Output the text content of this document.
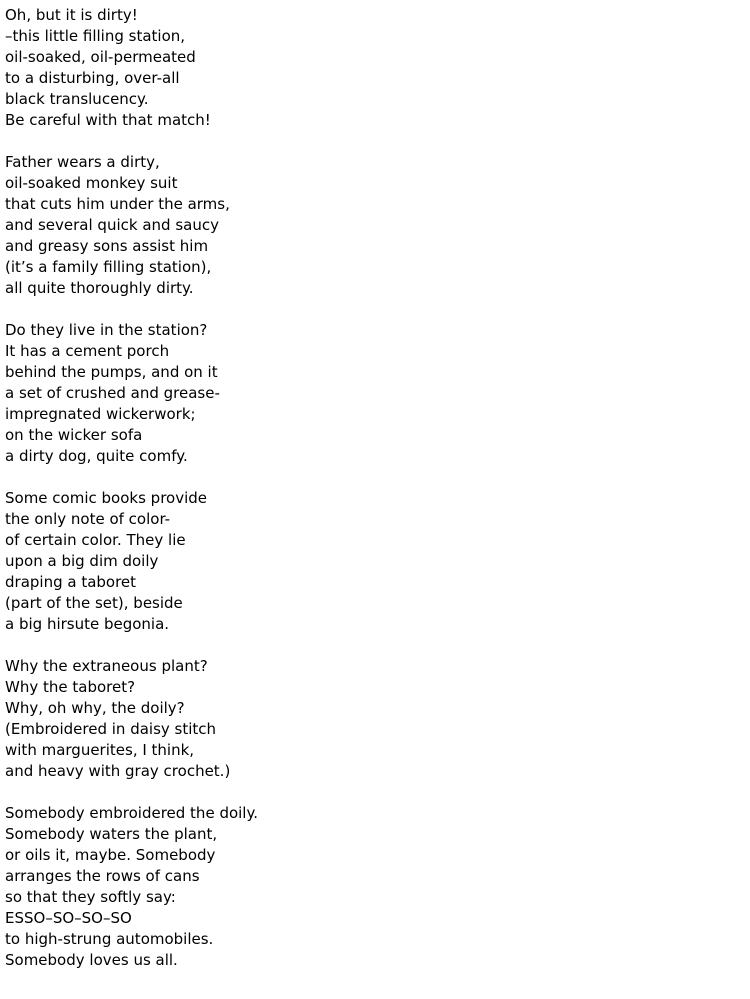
Oh, but it is dirty!
–this little filling station,
oil-soaked, oil-permeated
to a disturbing, over-all
black translucency.
Be careful with that match!
Father wears a dirty,
oil-soaked monkey suit
that cuts him under the arms,
and several quick and saucy
and greasy sons assist him
(it’s a family filling station),
all quite thoroughly dirty.
Do they live in the station?
It has a cement porch
behind the pumps, and on it
a set of crushed and grease-
impregnated wickerwork;
on the wicker sofa
a dirty dog, quite comfy.
Some comic books provide
the only note of color-
of certain color. They lie
upon a big dim doily
draping a taboret
(part of the set), beside
a big hirsute begonia.
Why the extraneous plant?
Why the taboret?
Why, oh why, the doily?
(Embroidered in daisy stitch
with marguerites, I think,
and heavy with gray crochet.)
Somebody embroidered the doily.
Somebody waters the plant,
or oils it, maybe. Somebody
arranges the rows of cans
so that they softly say:
ESSO–SO–SO–SO
to high-strung automobiles.
Somebody loves us all.
